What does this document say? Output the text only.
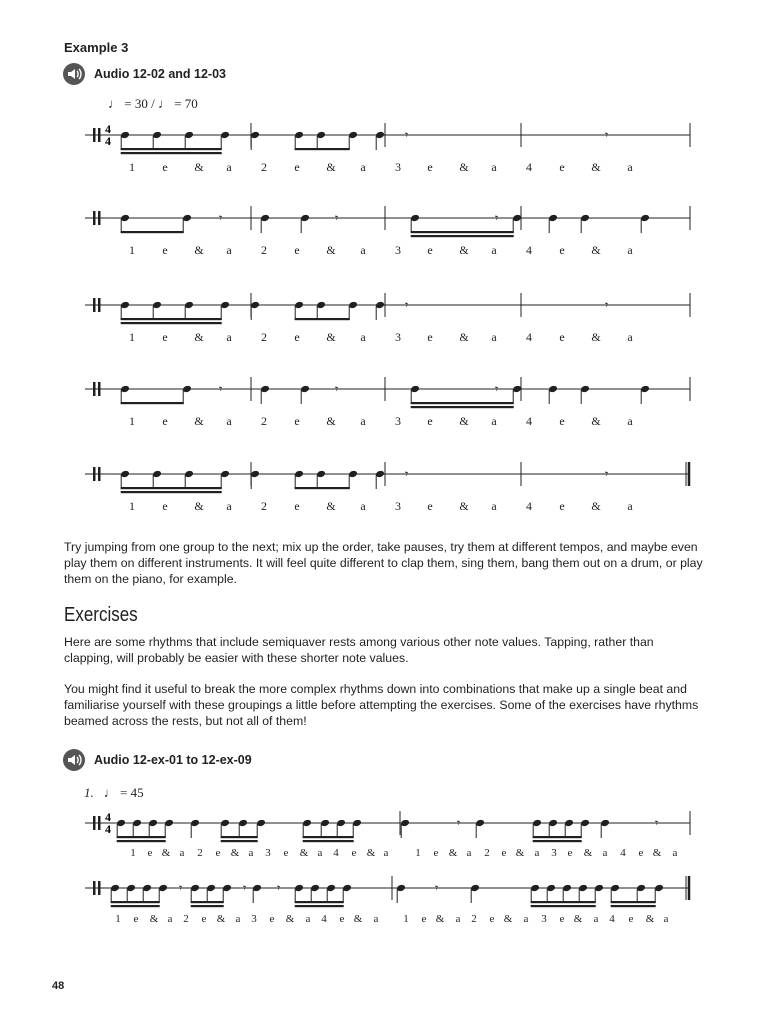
Example 3
Audio 12-02 and 12-03
♩ = 30 / ♩ = 70
4
4	𝄾	𝄾
1	e	&	a	2	e	&	a	3	e	&	a	4	e	&	a
𝄾	𝄾	𝄾
1	e	&	a	2	e	&	a	3	e	&	a	4	e	&	a
𝄾	𝄾
1	e	&	a	2	e	&	a	3	e	&	a	4	e	&	a
𝄾	𝄾	𝄾
1	e	&	a	2	e	&	a	3	e	&	a	4	e	&	a
𝄾	𝄾
1	e	&	a	2	e	&	a	3	e	&	a	4	e	&	a
Try jumping from one group to the next; mix up the order, take pauses, try them at different tempos, and maybe even play them on different instruments. It will feel quite different to clap them, sing them, bang them out on a drum, or play them on the piano, for example.
Exercises
Here are some rhythms that include semiquaver rests among various other note values. Tapping, rather than clapping, will probably be easier with these shorter note values.
You might find it useful to break the more complex rhythms down into combinations that make up a single beat and familiarise yourself with these groupings a little before attempting the exercises. Some of the exercises have rhythms beamed across the rests, but not all of them!
Audio 12-ex-01 to 12-ex-09
1. ♩ = 45
4
4	𝄾	𝄾
1	e & a	2	e & a	3	e	& a 4	e & a	1	e & a	2	e & a	3 e	& a	4	e &	a
𝄾	𝄾	𝄾	𝄾
1	e	& a 2	e & a 3	e	&	a 4	e &	a	1	e &	a 2	e &	a	3	e &	a 4	e	& a
48
